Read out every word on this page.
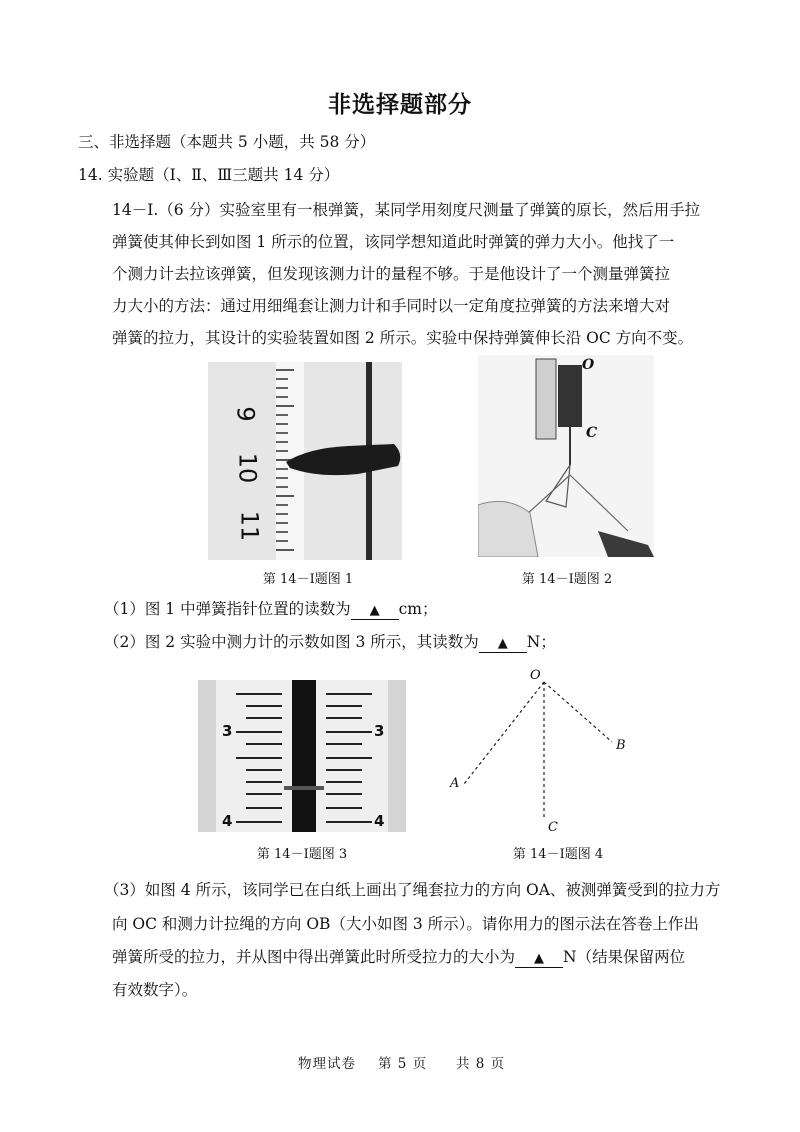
非选择题部分
三、非选择题（本题共 5 小题，共 58 分）
14. 实验题（Ⅰ、Ⅱ、Ⅲ三题共 14 分）
14－Ⅰ.（6 分）实验室里有一根弹簧，某同学用刻度尺测量了弹簧的原长，然后用手拉
弹簧使其伸长到如图 1 所示的位置，该同学想知道此时弹簧的弹力大小。他找了一
个测力计去拉该弹簧，但发现该测力计的量程不够。于是他设计了一个测量弹簧拉
力大小的方法：通过用细绳套让测力计和手同时以一定角度拉弹簧的方法来增大对
弹簧的拉力，其设计的实验装置如图 2 所示。实验中保持弹簧伸长沿 OC 方向不变。
9
10
11
第 14－Ⅰ题图 1
O
C
第 14－Ⅰ题图 2
（1）图 1 中弹簧指针位置的读数为 ▲ cm；
（2）图 2 实验中测力计的示数如图 3 所示，其读数为 ▲ N；
3	3
4	4
第 14－Ⅰ题图 3
O
A
B
C
第 14－Ⅰ题图 4
（3）如图 4 所示，该同学已在白纸上画出了绳套拉力的方向 OA、被测弹簧受到的拉力方
向 OC 和测力计拉绳的方向 OB（大小如图 3 所示）。请你用力的图示法在答卷上作出
弹簧所受的拉力，并从图中得出弹簧此时所受拉力的大小为 ▲ N（结果保留两位
有效数字）。
物理试卷 第 5 页 共 8 页
